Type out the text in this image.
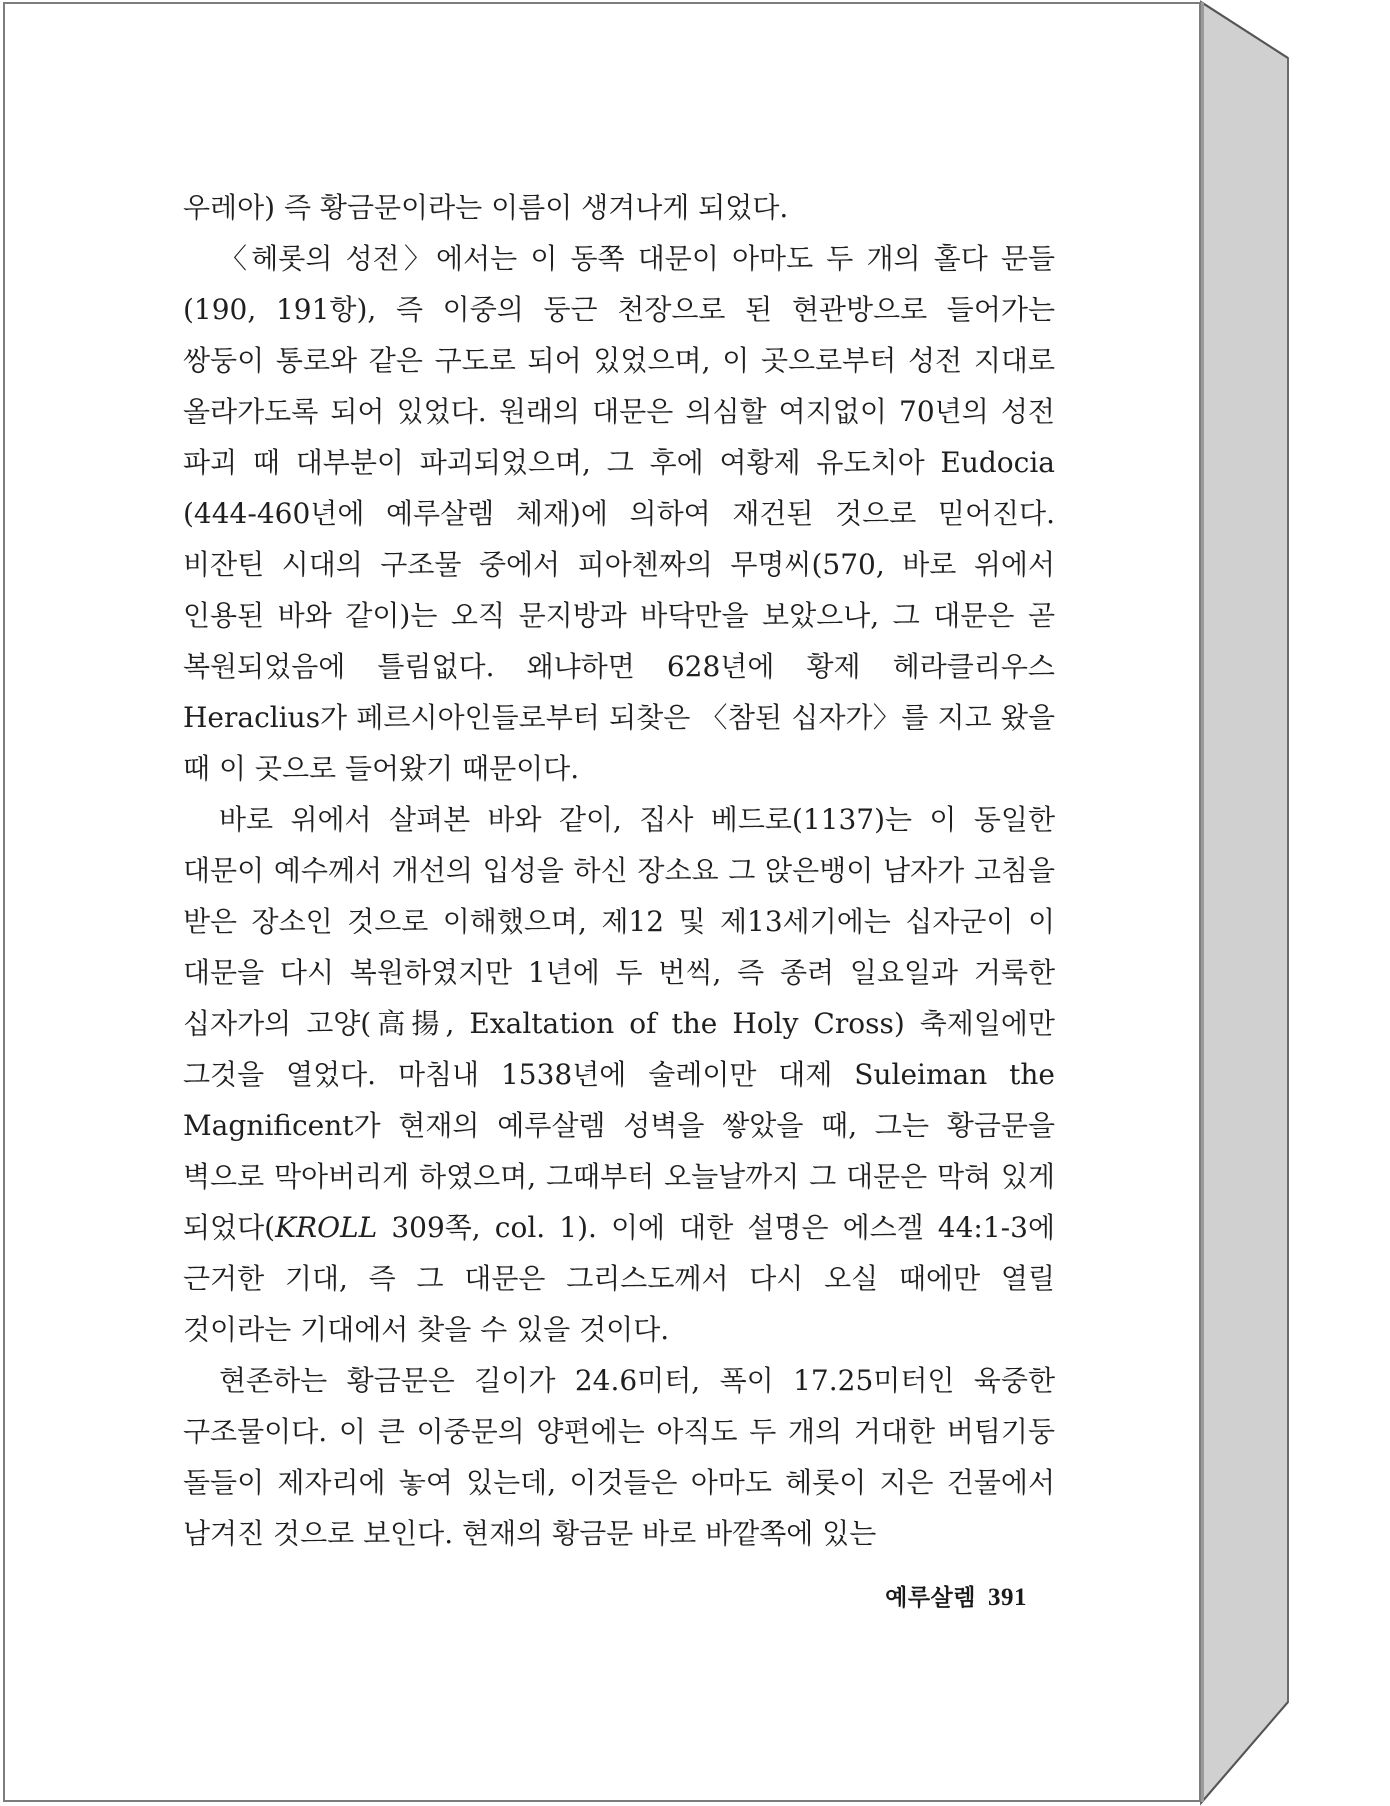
우레아) 즉 황금문이라는 이름이 생겨나게 되었다.

〈헤롯의 성전〉에서는 이 동쪽 대문이 아마도 두 개의 홀다 문들(190, 191항), 즉 이중의 둥근 천장으로 된 현관방으로 들어가는 쌍둥이 통로와 같은 구도로 되어 있었으며, 이 곳으로부터 성전 지대로 올라가도록 되어 있었다. 원래의 대문은 의심할 여지없이 70년의 성전 파괴 때 대부분이 파괴되었으며, 그 후에 여황제 유도치아 Eudocia (444-460년에 예루살렘 체재)에 의하여 재건된 것으로 믿어진다. 비잔틴 시대의 구조물 중에서 피아첸짜의 무명씨(570, 바로 위에서 인용된 바와 같이)는 오직 문지방과 바닥만을 보았으나, 그 대문은 곧 복원되었음에 틀림없다. 왜냐하면 628년에 황제 헤라클리우스 Heraclius가 페르시아인들로부터 되찾은 〈참된 십자가〉를 지고 왔을 때 이 곳으로 들어왔기 때문이다.

바로 위에서 살펴본 바와 같이, 집사 베드로(1137)는 이 동일한 대문이 예수께서 개선의 입성을 하신 장소요 그 앉은뱅이 남자가 고침을 받은 장소인 것으로 이해했으며, 제12 및 제13세기에는 십자군이 이 대문을 다시 복원하였지만 1년에 두 번씩, 즉 종려 일요일과 거룩한 십자가의 고양(高揚, Exaltation of the Holy Cross) 축제일에만 그것을 열었다. 마침내 1538년에 술레이만 대제 Suleiman the Magnificent가 현재의 예루살렘 성벽을 쌓았을 때, 그는 황금문을 벽으로 막아버리게 하였으며, 그때부터 오늘날까지 그 대문은 막혀 있게 되었다(KROLL 309쪽, col. 1). 이에 대한 설명은 에스겔 44:1-3에 근거한 기대, 즉 그 대문은 그리스도께서 다시 오실 때에만 열릴 것이라는 기대에서 찾을 수 있을 것이다.

현존하는 황금문은 길이가 24.6미터, 폭이 17.25미터인 육중한 구조물이다. 이 큰 이중문의 양편에는 아직도 두 개의 거대한 버팀기둥 돌들이 제자리에 놓여 있는데, 이것들은 아마도 헤롯이 지은 건물에서 남겨진 것으로 보인다. 현재의 황금문 바로 바깥쪽에 있는

예루살렘 391
